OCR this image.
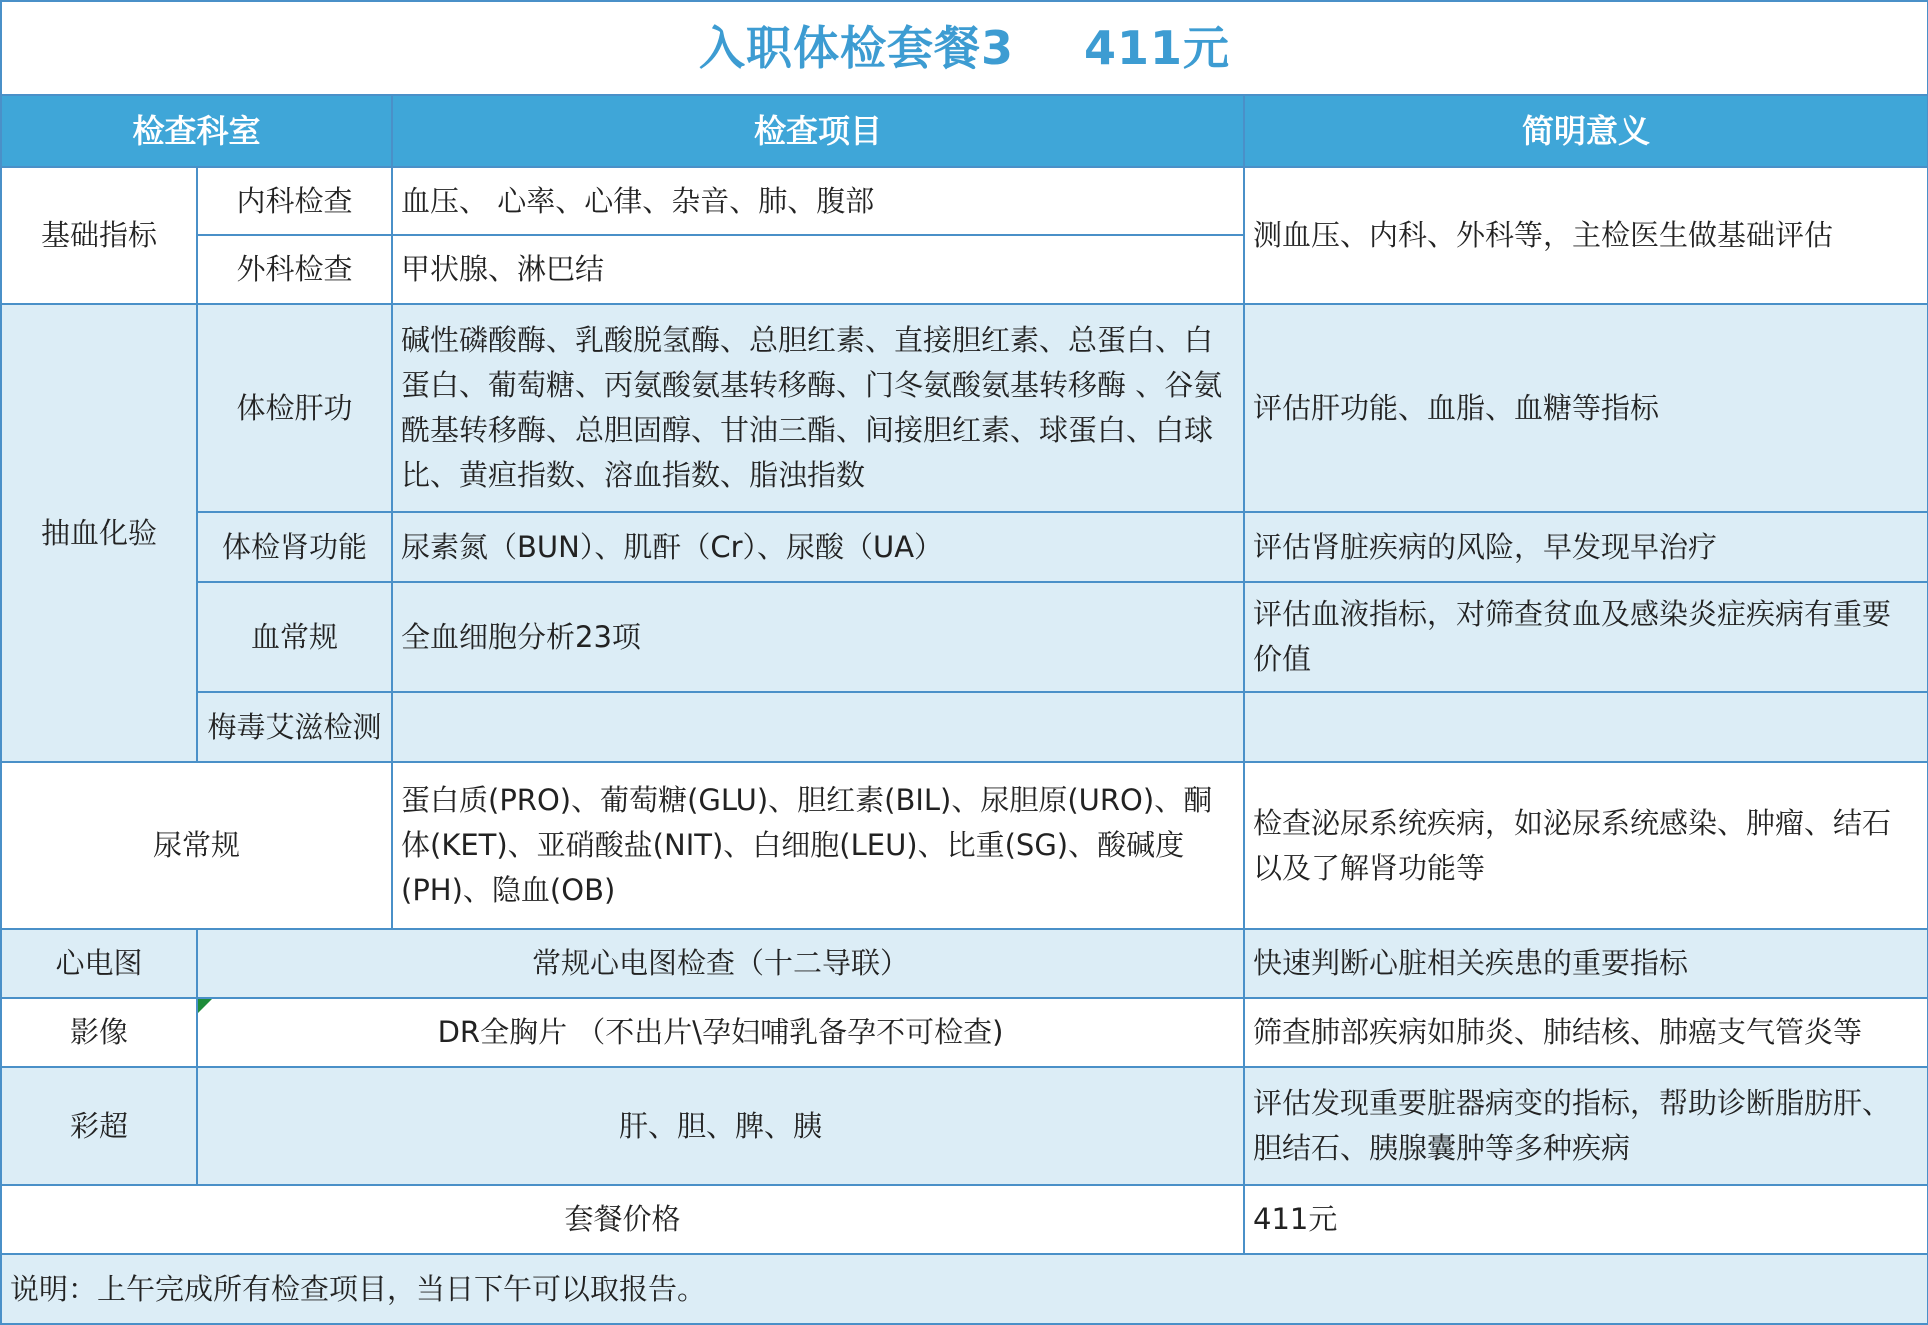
入职体检套餐3 411元			
检查科室		检查项目	简明意义
基础指标	内科检查	血压、 心率、心律、杂音、肺、腹部	测血压、内科、外科等，主检医生做基础评估
	外科检查	甲状腺、淋巴结	
抽血化验	体检肝功	碱性磷酸酶、乳酸脱氢酶、总胆红素、直接胆红素、总蛋白、白蛋白、葡萄糖、丙氨酸氨基转移酶、门冬氨酸氨基转移酶 、谷氨酰基转移酶、总胆固醇、甘油三酯、间接胆红素、球蛋白、白球比、黄疸指数、溶血指数、脂浊指数	评估肝功能、血脂、血糖等指标
	体检肾功能	尿素氮（BUN）、肌酐（Cr）、尿酸（UA）	评估肾脏疾病的风险，早发现早治疗
	血常规	全血细胞分析23项	评估血液指标，对筛查贫血及感染炎症疾病有重要价值
	梅毒艾滋检测		
尿常规		蛋白质(PRO)、葡萄糖(GLU)、胆红素(BIL)、尿胆原(URO)、酮体(KET)、亚硝酸盐(NIT)、白细胞(LEU)、比重(SG)、酸碱度(PH)、隐血(OB)	检查泌尿系统疾病，如泌尿系统感染、肿瘤、结石以及了解肾功能等
心电图	常规心电图检查（十二导联）		快速判断心脏相关疾患的重要指标
影像	DR全胸片 （不出片\孕妇哺乳备孕不可检查)		筛查肺部疾病如肺炎、肺结核、肺癌支气管炎等
彩超	肝、胆、脾、胰		评估发现重要脏器病变的指标，帮助诊断脂肪肝、胆结石、胰腺囊肿等多种疾病
套餐价格			411元
说明：上午完成所有检查项目，当日下午可以取报告。			
